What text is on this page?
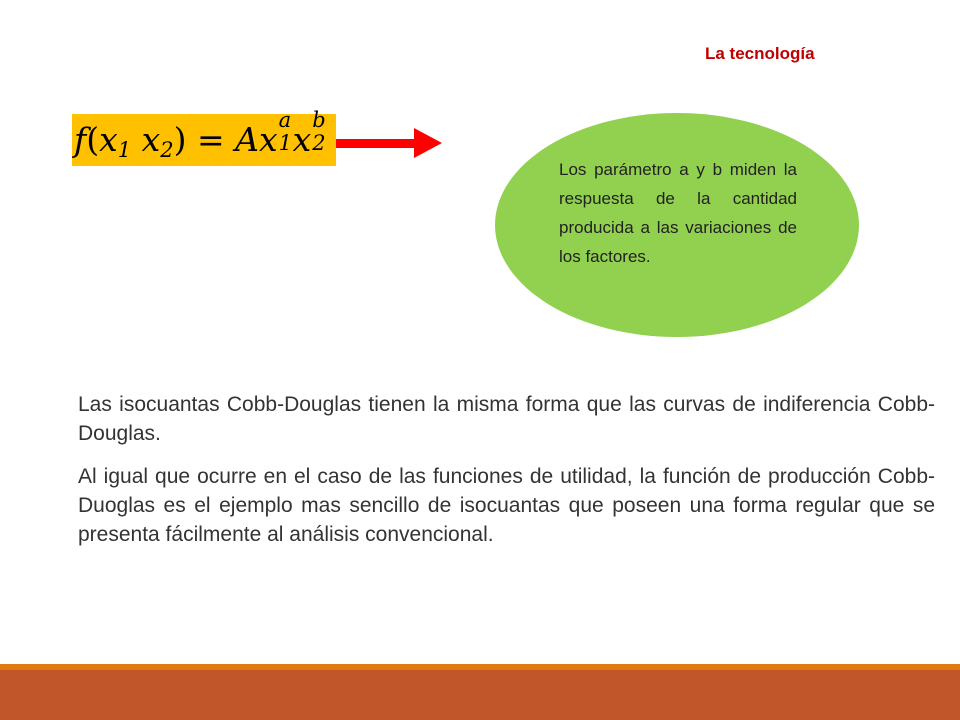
La tecnología
$f(x_1$ $x_2) = Ax$ a
1 x b
2
Los parámetro a y b miden la respuesta de la cantidad producida a las variaciones de los factores.
Las isocuantas Cobb-Douglas tienen la misma forma que las curvas de indiferencia Cobb-Douglas.
Al igual que ocurre en el caso de las funciones de utilidad, la función de producción Cobb-Duoglas es el ejemplo mas sencillo de isocuantas que poseen una forma regular que se presenta fácilmente al análisis convencional.
